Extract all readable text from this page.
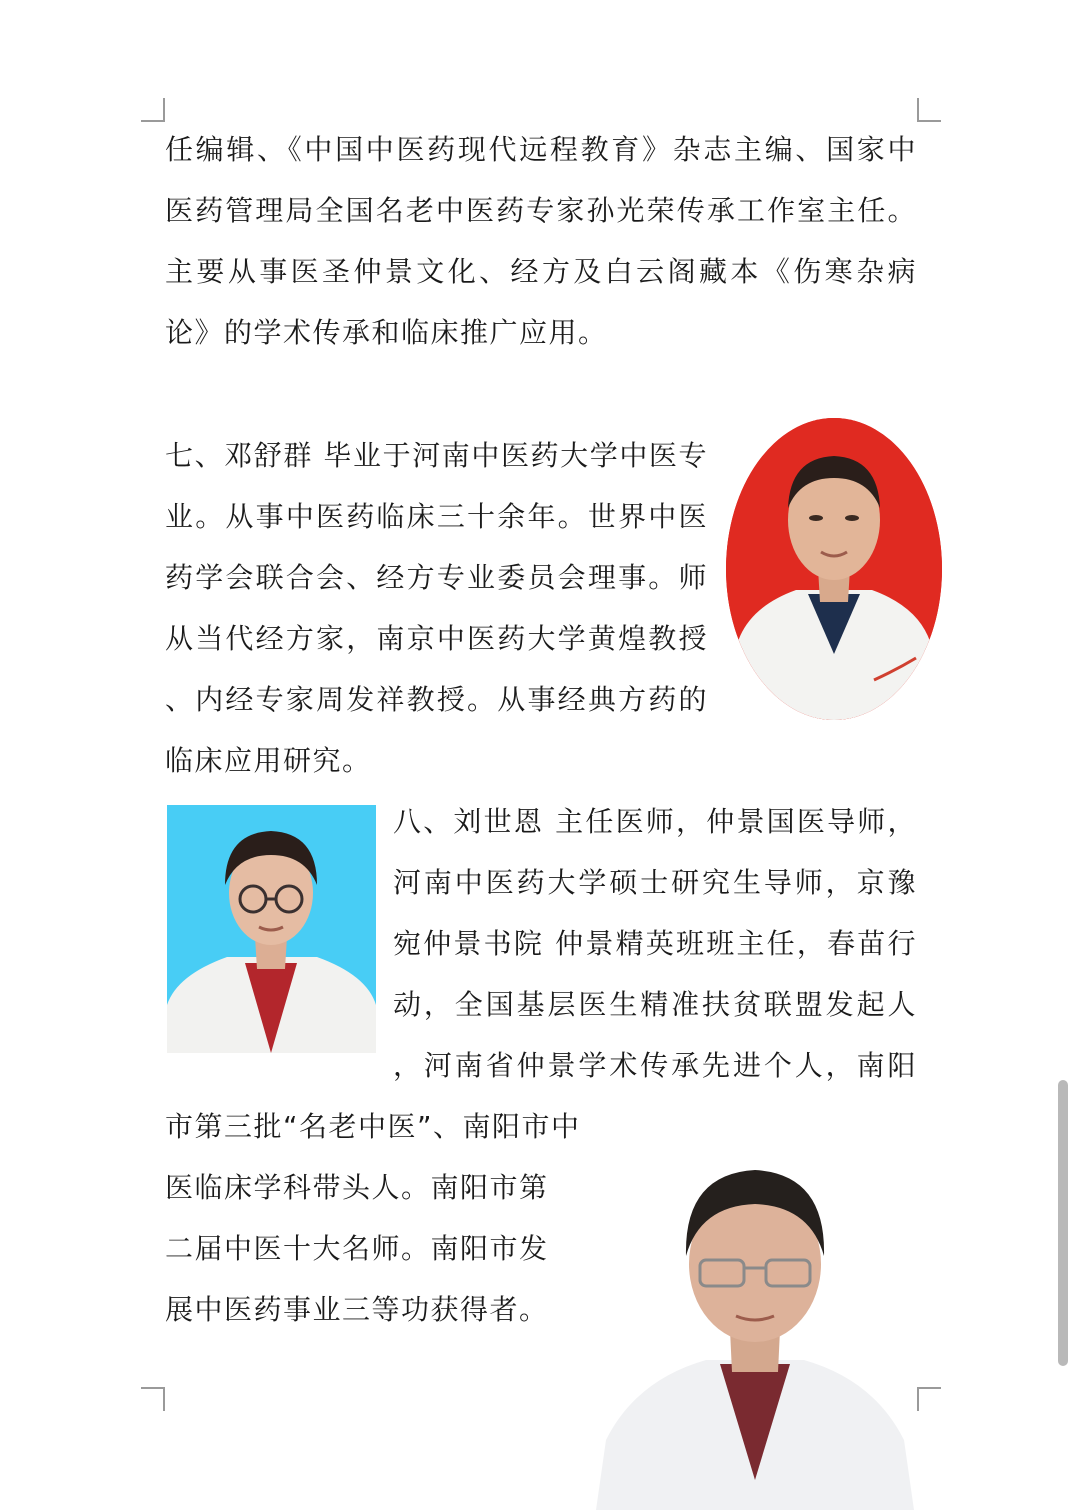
任编辑、《中国中医药现代远程教育》杂志主编、国家中
医药管理局全国名老中医药专家孙光荣传承工作室主任。
主要从事医圣仲景文化、经方及白云阁藏本《伤寒杂病
论》的学术传承和临床推广应用。
七、邓舒群 毕业于河南中医药大学中医专
业。从事中医药临床三十余年。世界中医
药学会联合会、经方专业委员会理事。师
从当代经方家，南京中医药大学黄煌教授
、内经专家周发祥教授。从事经典方药的
临床应用研究。
八、刘世恩 主任医师，仲景国医导师，
河南中医药大学硕士研究生导师，京豫
宛仲景书院 仲景精英班班主任，春苗行
动，全国基层医生精准扶贫联盟发起人
，河南省仲景学术传承先进个人，南阳
市第三批“名老中医”、南阳市中
医临床学科带头人。南阳市第
二届中医十大名师。南阳市发
展中医药事业三等功获得者。
